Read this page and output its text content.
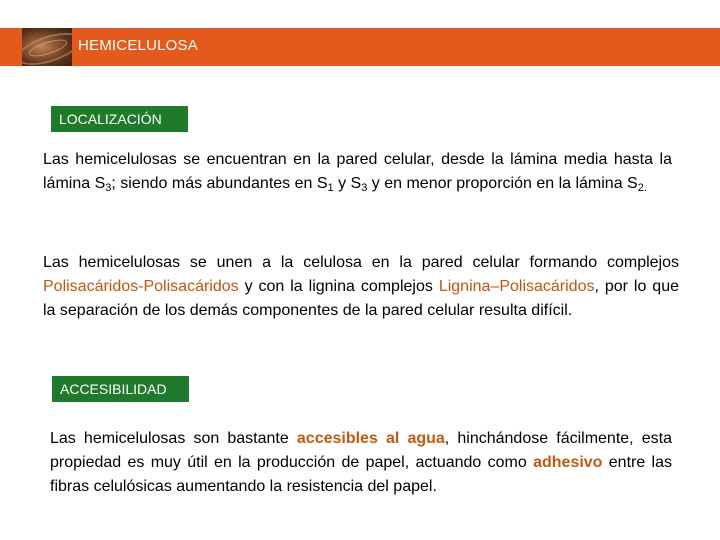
HEMICELULOSA
LOCALIZACIÓN
Las hemicelulosas se encuentran en la pared celular, desde la lámina media hasta la lámina $S_3$; siendo más abundantes en $S_1$ y $S_3$ y en menor proporción en la lámina $S_{2.}$
Las hemicelulosas se unen a la celulosa en la pared celular formando complejos Polisacáridos-Polisacáridos y con la lignina complejos Lignina–Polisacáridos, por lo que la separación de los demás componentes de la pared celular resulta difícil.
ACCESIBILIDAD
Las hemicelulosas son bastante accesibles al agua, hinchándose fácilmente, esta propiedad es muy útil en la producción de papel, actuando como adhesivo entre las fibras celulósicas aumentando la resistencia del papel.
